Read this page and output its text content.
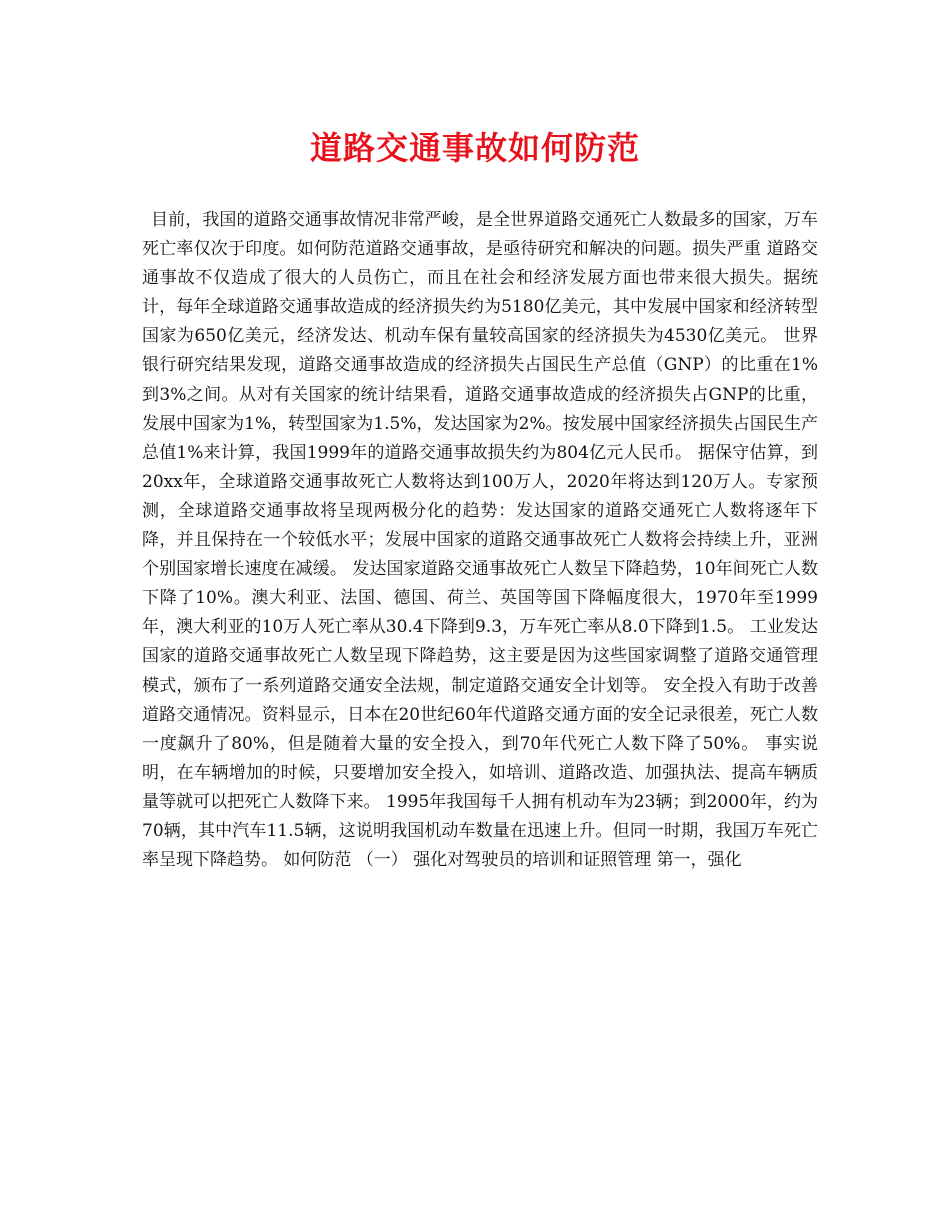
道路交通事故如何防范

目前，我国的道路交通事故情况非常严峻，是全世界道路交通死亡人数最多的国家，万车死亡率仅次于印度。如何防范道路交通事故，是亟待研究和解决的问题。损失严重 道路交通事故不仅造成了很大的人员伤亡，而且在社会和经济发展方面也带来很大损失。据统计，每年全球道路交通事故造成的经济损失约为5180亿美元，其中发展中国家和经济转型国家为650亿美元，经济发达、机动车保有量较高国家的经济损失为4530亿美元。 世界银行研究结果发现，道路交通事故造成的经济损失占国民生产总值（GNP）的比重在1%到3%之间。从对有关国家的统计结果看，道路交通事故造成的经济损失占GNP的比重，发展中国家为1%，转型国家为1.5%，发达国家为2%。按发展中国家经济损失占国民生产总值1%来计算，我国1999年的道路交通事故损失约为804亿元人民币。 据保守估算，到20xx年，全球道路交通事故死亡人数将达到100万人，2020年将达到120万人。专家预测，全球道路交通事故将呈现两极分化的趋势：发达国家的道路交通死亡人数将逐年下降，并且保持在一个较低水平；发展中国家的道路交通事故死亡人数将会持续上升，亚洲个别国家增长速度在减缓。 发达国家道路交通事故死亡人数呈下降趋势，10年间死亡人数下降了10%。澳大利亚、法国、德国、荷兰、英国等国下降幅度很大，1970年至1999年，澳大利亚的10万人死亡率从30.4下降到9.3，万车死亡率从8.0下降到1.5。 工业发达国家的道路交通事故死亡人数呈现下降趋势，这主要是因为这些国家调整了道路交通管理模式，颁布了一系列道路交通安全法规，制定道路交通安全计划等。 安全投入有助于改善道路交通情况。资料显示，日本在20世纪60年代道路交通方面的安全记录很差，死亡人数一度飙升了80%，但是随着大量的安全投入，到70年代死亡人数下降了50%。 事实说明，在车辆增加的时候，只要增加安全投入，如培训、道路改造、加强执法、提高车辆质量等就可以把死亡人数降下来。 1995年我国每千人拥有机动车为23辆；到2000年，约为70辆，其中汽车11.5辆，这说明我国机动车数量在迅速上升。但同一时期，我国万车死亡率呈现下降趋势。 如何防范 （一） 强化对驾驶员的培训和证照管理 第一，强化
